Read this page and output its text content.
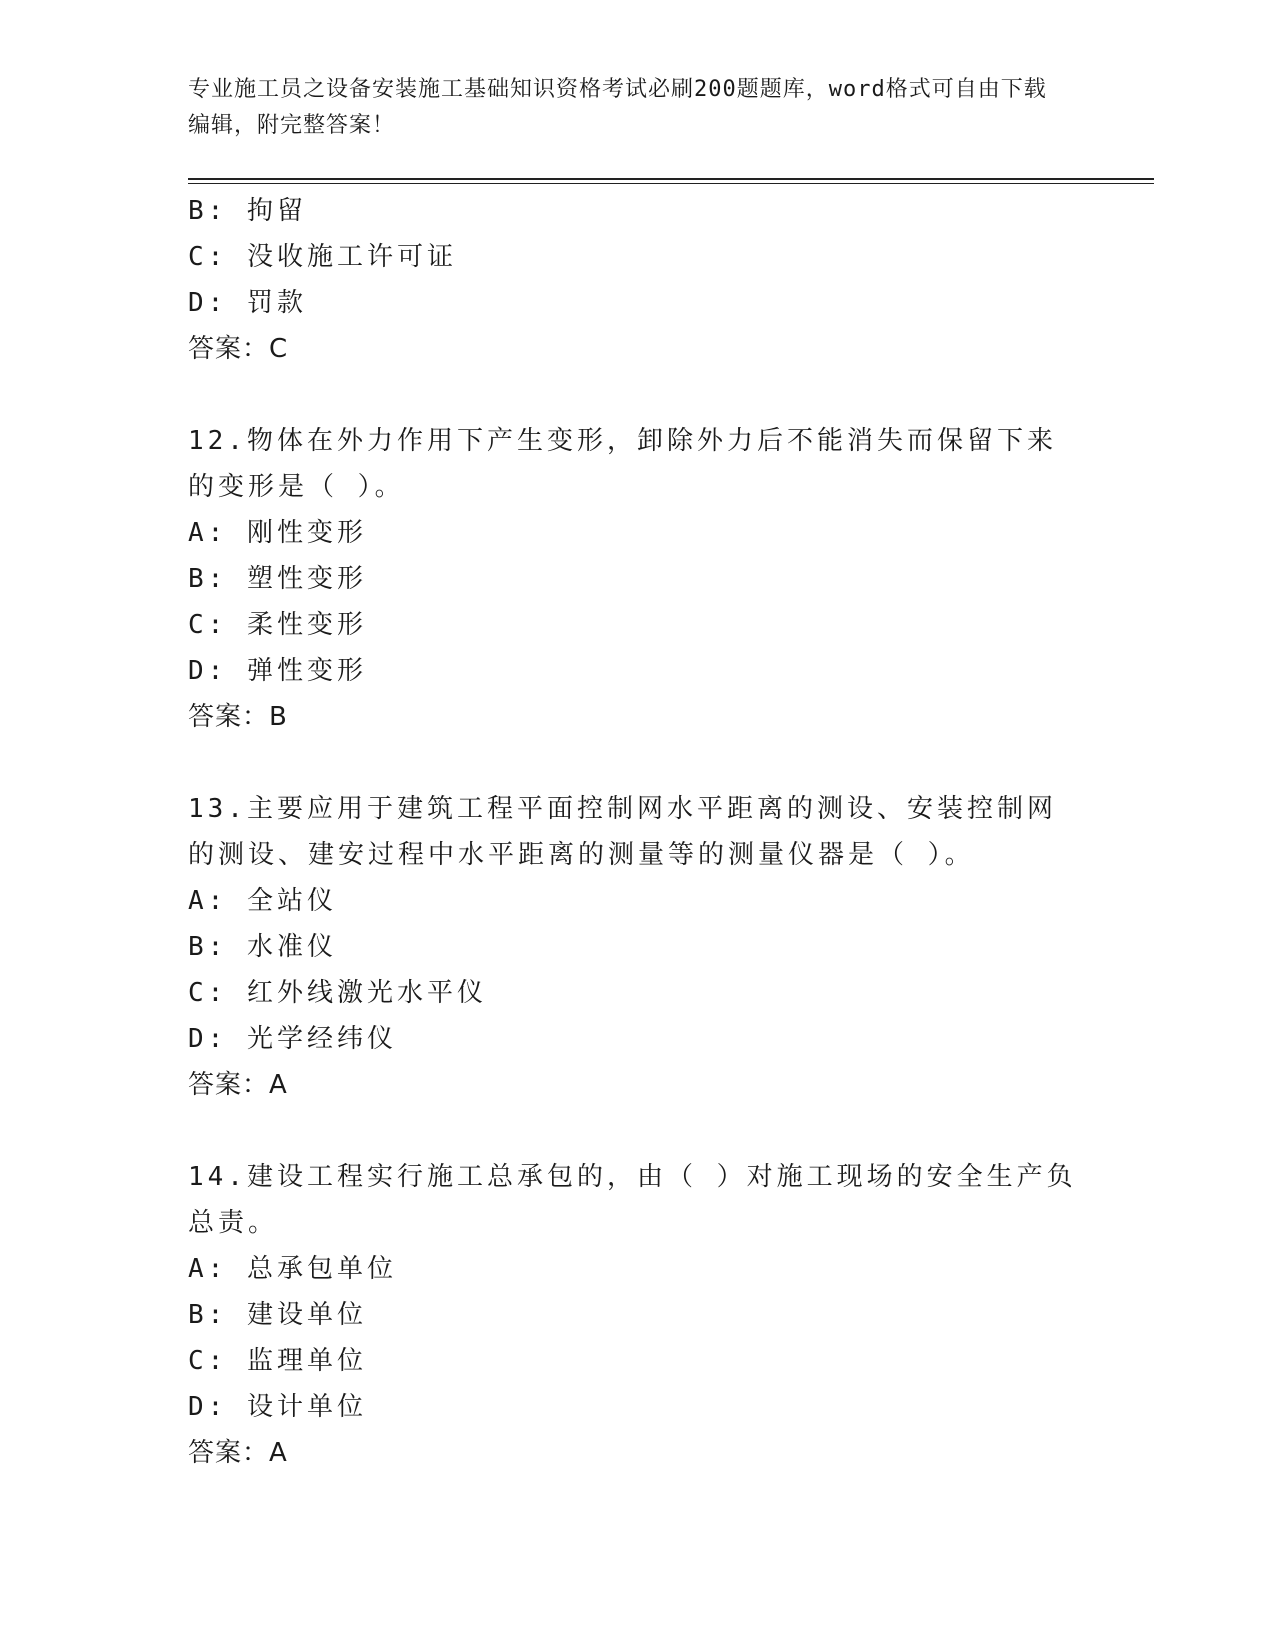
专业施工员之设备安装施工基础知识资格考试必刷200题题库，word格式可自由下载编辑，附完整答案！
B: 拘留
C: 没收施工许可证
D: 罚款
答案：C
12.物体在外力作用下产生变形，卸除外力后不能消失而保留下来的变形是（ ）。
A: 刚性变形
B: 塑性变形
C: 柔性变形
D: 弹性变形
答案：B
13.主要应用于建筑工程平面控制网水平距离的测设、安装控制网的测设、建安过程中水平距离的测量等的测量仪器是（ ）。
A: 全站仪
B: 水准仪
C: 红外线激光水平仪
D: 光学经纬仪
答案：A
14.建设工程实行施工总承包的，由（ ）对施工现场的安全生产负总责。
A: 总承包单位
B: 建设单位
C: 监理单位
D: 设计单位
答案：A
